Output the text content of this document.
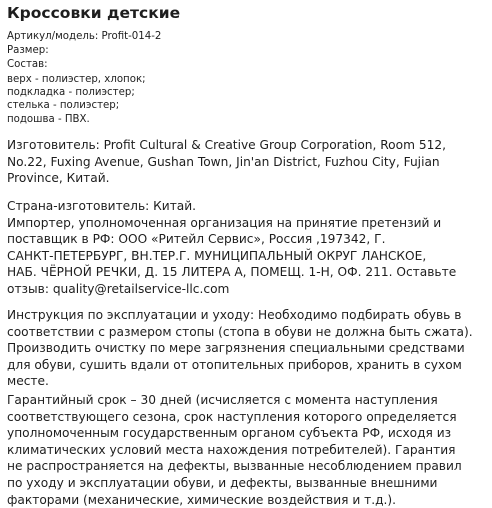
Кроссовки детские
Артикул/модель: Profit-014-2
Размер:
Состав:
верх - полиэстер, хлопок;
подкладка - полиэстер;
стелька - полиэстер;
подошва - ПВХ.
Изготовитель: Profit Cultural & Creative Group Corporation, Room 512,
No.22, Fuxing Avenue, Gushan Town, Jin'an District, Fuzhou City, Fujian
Province, Китай.
Страна-изготовитель: Китай.
Импортер, уполномоченная организация на принятие претензий и
поставщик в РФ: ООО «Ритейл Сервис», Россия ,197342, Г.
САНКТ-ПЕТЕРБУРГ, ВН.ТЕР.Г. МУНИЦИПАЛЬНЫЙ ОКРУГ ЛАНСКОЕ,
НАБ. ЧЁРНОЙ РЕЧКИ, Д. 15 ЛИТЕРА А, ПОМЕЩ. 1-Н, ОФ. 211. Оставьте
отзыв: quality@retailservice-llc.com
Инструкция по эксплуатации и уходу: Необходимо подбирать обувь в
соответствии с размером стопы (стопа в обуви не должна быть сжата).
Производить очистку по мере загрязнения специальными средствами
для обуви, сушить вдали от отопительных приборов, хранить в сухом
месте.
Гарантийный срок – 30 дней (исчисляется с момента наступления
соответствующего сезона, срок наступления которого определяется
уполномоченным государственным органом субъекта РФ, исходя из
климатических условий места нахождения потребителей). Гарантия
не распространяется на дефекты, вызванные несоблюдением правил
по уходу и эксплуатации обуви, и дефекты, вызванные внешними
факторами (механические, химические воздействия и т.д.).
